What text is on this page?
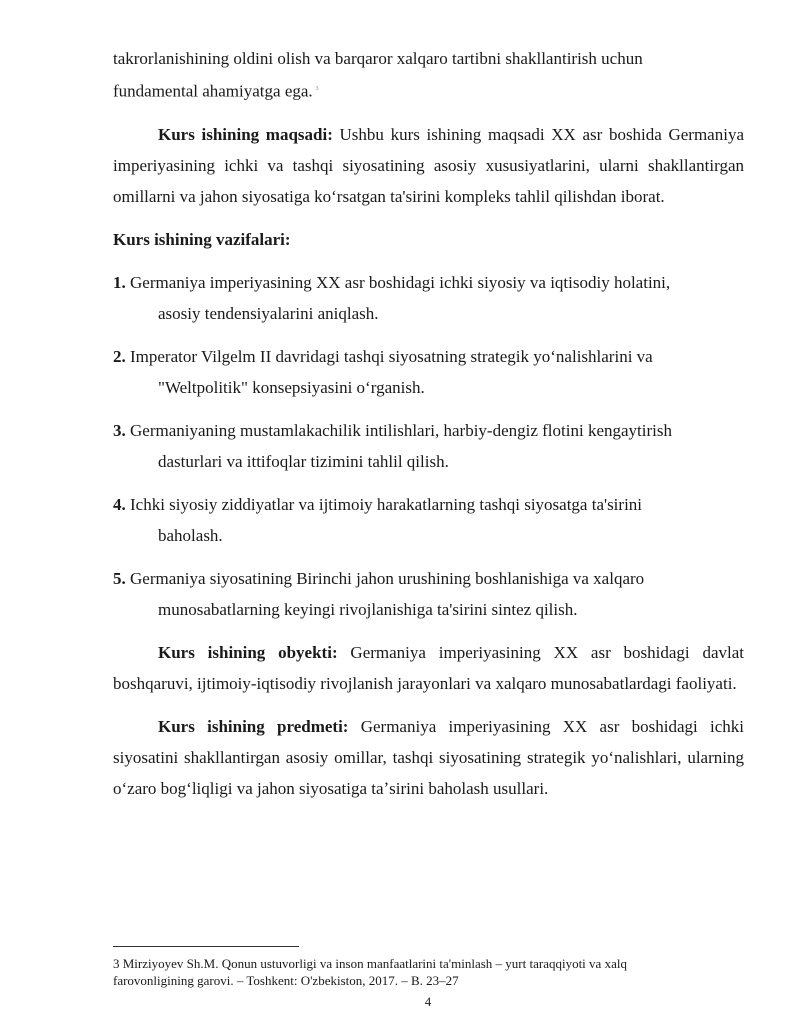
takrorlanishining oldini olish va barqaror xalqaro tartibni shakllantirish uchun
fundamental ahamiyatga ega. $^3$

Kurs ishining maqsadi: Ushbu kurs ishining maqsadi XX asr boshida Germaniya imperiyasining ichki va tashqi siyosatining asosiy xususiyatlarini, ularni shakllantirgan omillarni va jahon siyosatiga koʻrsatgan ta'sirini kompleks tahlil qilishdan iborat.

Kurs ishining vazifalari:

1. Germaniya imperiyasining XX asr boshidagi ichki siyosiy va iqtisodiy holatini,
asosiy tendensiyalarini aniqlash.
2. Imperator Vilgelm II davridagi tashqi siyosatning strategik yoʻnalishlarini va
"Weltpolitik" konsepsiyasini oʻrganish.
3. Germaniyaning mustamlakachilik intilishlari, harbiy-dengiz flotini kengaytirish
dasturlari va ittifoqlar tizimini tahlil qilish.
4. Ichki siyosiy ziddiyatlar va ijtimoiy harakatlarning tashqi siyosatga ta'sirini
baholash.
5. Germaniya siyosatining Birinchi jahon urushining boshlanishiga va xalqaro
munosabatlarning keyingi rivojlanishiga ta'sirini sintez qilish.

Kurs ishining obyekti: Germaniya imperiyasining XX asr boshidagi davlat boshqaruvi, ijtimoiy-iqtisodiy rivojlanish jarayonlari va xalqaro munosabatlardagi faoliyati.

Kurs ishining predmeti: Germaniya imperiyasining XX asr boshidagi ichki siyosatini shakllantirgan asosiy omillar, tashqi siyosatining strategik yoʻnalishlari, ularning oʻzaro bogʻliqligi va jahon siyosatiga taʼsirini baholash usullari.

3 Mirziyoyev Sh.M. Qonun ustuvorligi va inson manfaatlarini ta'minlash – yurt taraqqiyoti va xalq
farovonligining garovi. – Toshkent: O'zbekiston, 2017. – B. 23–27
4
